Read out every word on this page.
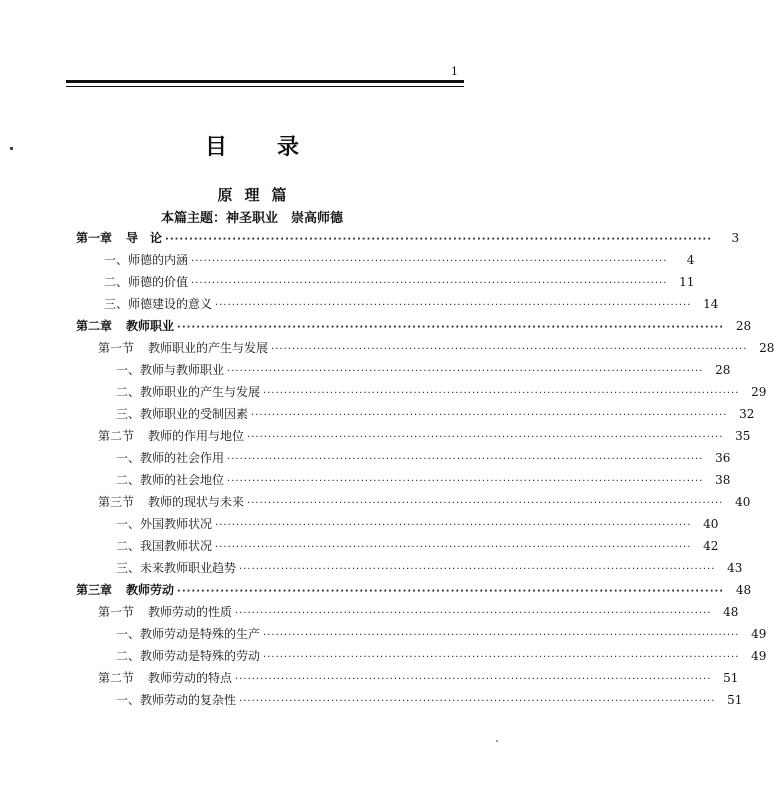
1
目录
原理篇
本篇主题：神圣职业　崇高师德
第一章 导　论 ··················································································································	3
一、师德的内涵 ··················································································································	4
二、师德的价值 ·················································································································· 11
三、师德建设的意义 ·················································································································· 14
第二章 教师职业 ·················································································································· 28
第一节 教师职业的产生与发展 ·················································································································· 28
一、教师与教师职业 ·················································································································· 28
二、教师职业的产生与发展 ·················································································································· 29
三、教师职业的受制因素 ·················································································································· 32
第二节 教师的作用与地位 ·················································································································· 35
一、教师的社会作用 ·················································································································· 36
二、教师的社会地位 ·················································································································· 38
第三节 教师的现状与未来 ·················································································································· 40
一、外国教师状况 ·················································································································· 40
二、我国教师状况 ·················································································································· 42
三、未来教师职业趋势 ·················································································································· 43
第三章 教师劳动 ·················································································································· 48
第一节 教师劳动的性质 ·················································································································· 48
一、教师劳动是特殊的生产 ·················································································································· 49
二、教师劳动是特殊的劳动 ·················································································································· 49
第二节 教师劳动的特点 ·················································································································· 51
一、教师劳动的复杂性 ·················································································································· 51
